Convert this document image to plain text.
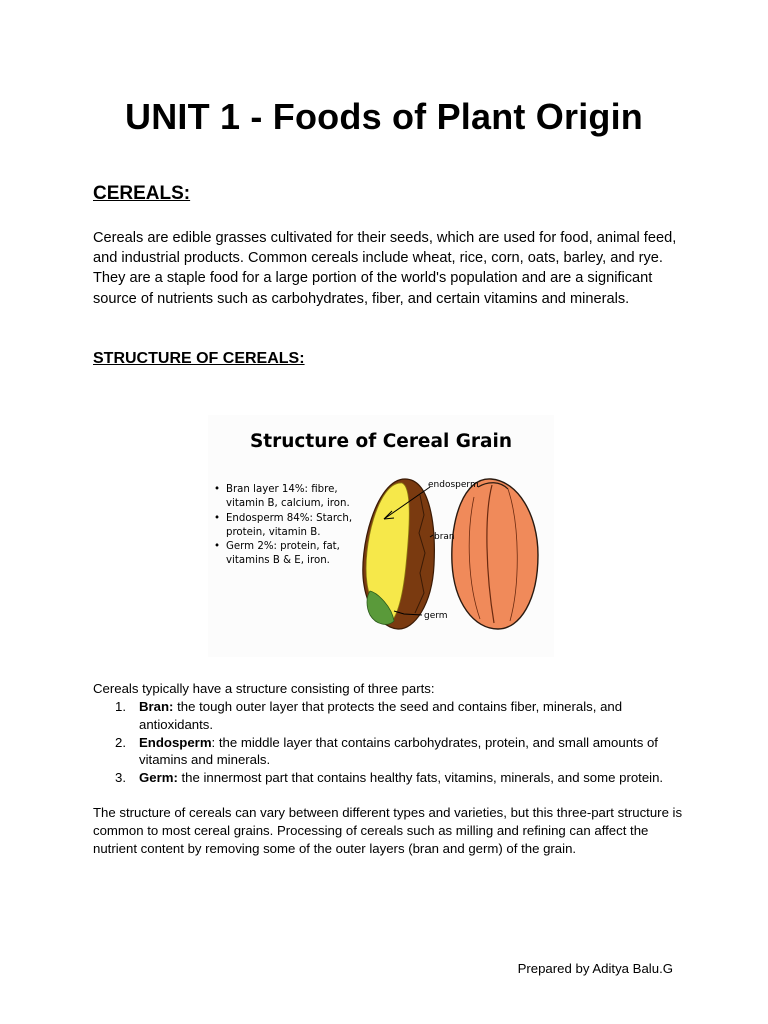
UNIT 1 - Foods of Plant Origin
CEREALS:

Cereals are edible grasses cultivated for their seeds, which are used for food, animal feed, and industrial products. Common cereals include wheat, rice, corn, oats, barley, and rye. They are a staple food for a large portion of the world's population and are a significant source of nutrients such as carbohydrates, fiber, and certain vitamins and minerals.

STRUCTURE OF CEREALS:
Structure of Cereal Grain
• Bran layer 14%: fibre, vitamin B, calcium, iron.
• Endosperm 84%: Starch, protein, vitamin B.
• Germ 2%: protein, fat, vitamins B & E, iron.
endosperm
bran
germ

Cereals typically have a structure consisting of three parts:

1. Bran: the tough outer layer that protects the seed and contains fiber, minerals, and antioxidants.
2. Endosperm: the middle layer that contains carbohydrates, protein, and small amounts of vitamins and minerals.
3. Germ: the innermost part that contains healthy fats, vitamins, minerals, and some protein.

The structure of cereals can vary between different types and varieties, but this three-part structure is common to most cereal grains. Processing of cereals such as milling and refining can affect the nutrient content by removing some of the outer layers (bran and germ) of the grain.

Prepared by Aditya Balu.G
